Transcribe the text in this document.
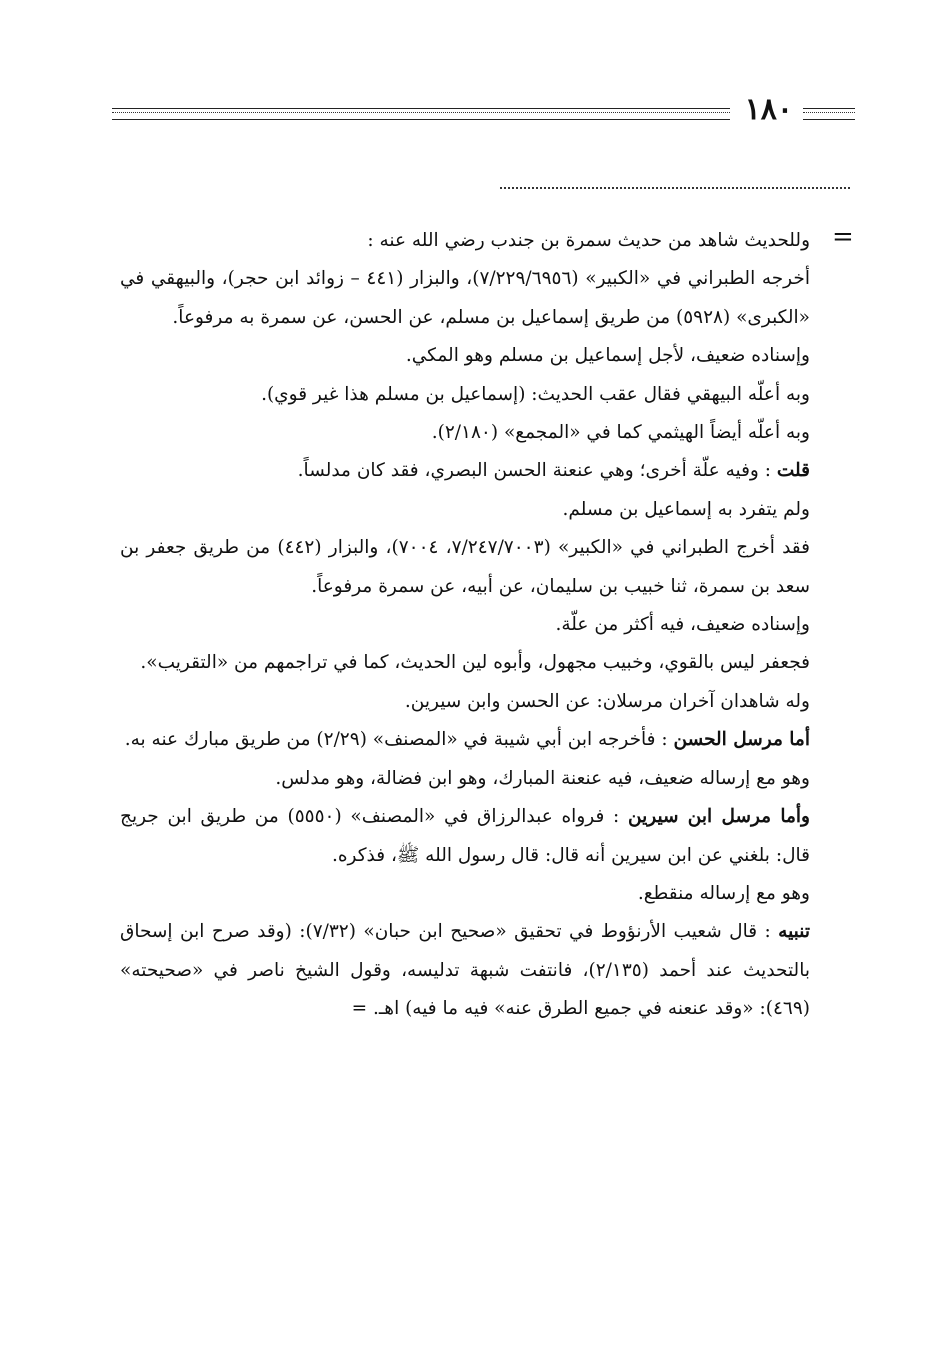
١٨٠
=

وللحديث شاهد من حديث سمرة بن جندب رضي الله عنه :

أخرجه الطبراني في «الكبير» (٧/٢٢٩/٦٩٥٦)، والبزار (٤٤١ – زوائد ابن حجر)، والبيهقي في «الكبرى» (٥٩٢٨) من طريق إسماعيل بن مسلم، عن الحسن، عن سمرة به مرفوعاً.

وإسناده ضعيف، لأجل إسماعيل بن مسلم وهو المكي.

وبه أعلّه البيهقي فقال عقب الحديث: (إسماعيل بن مسلم هذا غير قوي).

وبه أعلّه أيضاً الهيثمي كما في «المجمع» (٢/١٨٠).

قلت : وفيه علّة أخرى؛ وهي عنعنة الحسن البصري، فقد كان مدلساً.

ولم يتفرد به إسماعيل بن مسلم.

فقد أخرج الطبراني في «الكبير» (٧/٢٤٧/٧٠٠٣، ٧٠٠٤)، والبزار (٤٤٢) من طريق جعفر بن سعد بن سمرة، ثنا خبيب بن سليمان، عن أبيه، عن سمرة مرفوعاً.

وإسناده ضعيف، فيه أكثر من علّة.

فجعفر ليس بالقوي، وخبيب مجهول، وأبوه لين الحديث، كما في تراجمهم من «التقريب».

وله شاهدان آخران مرسلان: عن الحسن وابن سيرين.

أما مرسل الحسن : فأخرجه ابن أبي شيبة في «المصنف» (٢/٢٩) من طريق مبارك عنه به.

وهو مع إرساله ضعيف، فيه عنعنة المبارك، وهو ابن فضالة، وهو مدلس.

وأما مرسل ابن سيرين : فرواه عبدالرزاق في «المصنف» (٥٥٥٠) من طريق ابن جريج قال: بلغني عن ابن سيرين أنه قال: قال رسول الله ﷺ، فذكره.

وهو مع إرساله منقطع.

تنبيه : قال شعيب الأرنؤوط في تحقيق «صحيح ابن حبان» (٧/٣٢): (وقد صرح ابن إسحاق بالتحديث عند أحمد (٢/١٣٥)، فانتفت شبهة تدليسه، وقول الشيخ ناصر في «صحيحته» (٤٦٩): «وقد عنعنه في جميع الطرق عنه» فيه ما فيه) اهـ. =
